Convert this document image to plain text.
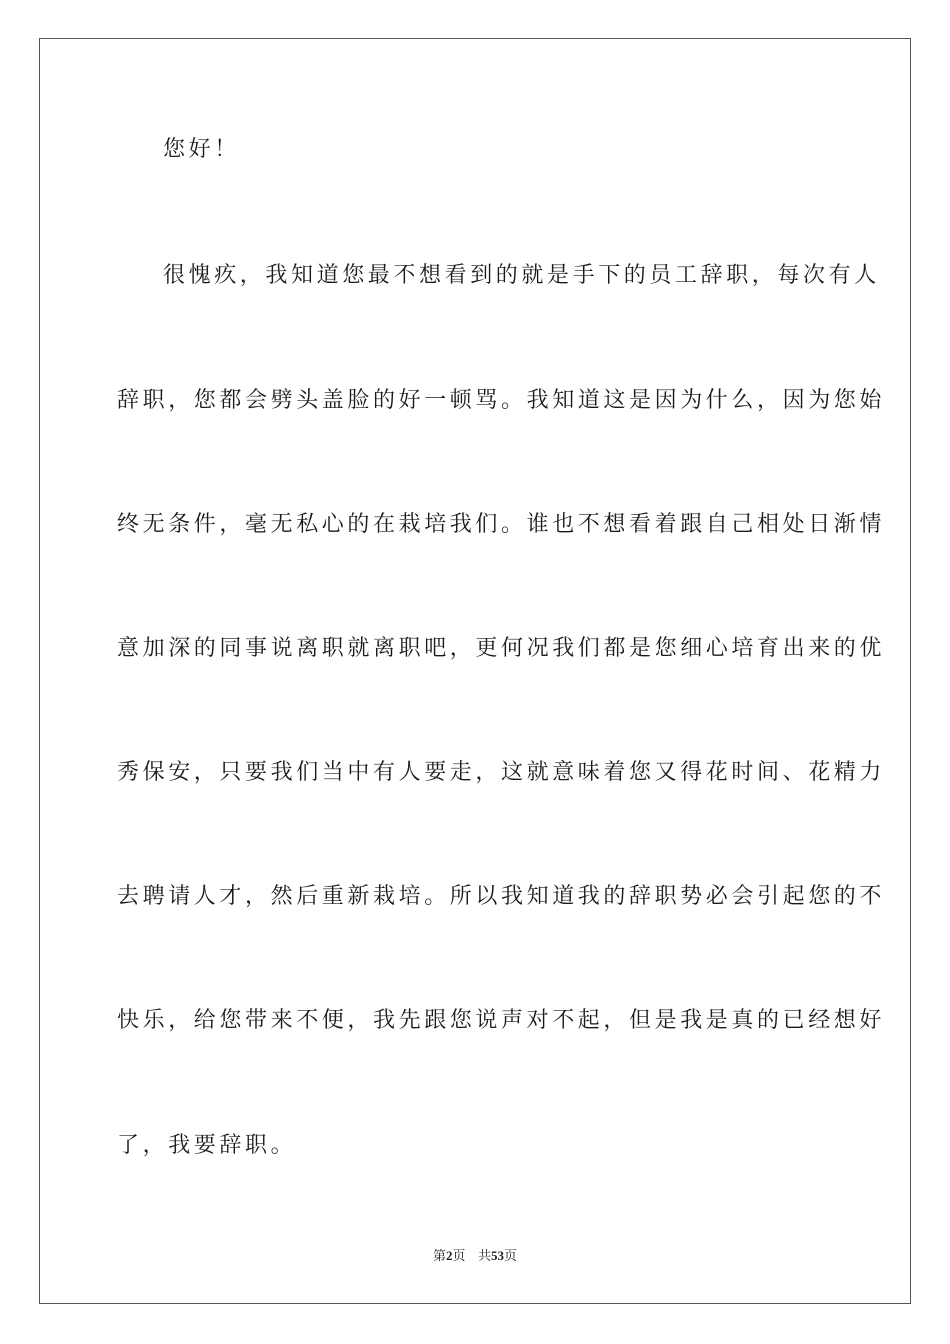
您好！
很愧疚，我知道您最不想看到的就是手下的员工辞职，每次有人
辞职，您都会劈头盖脸的好一顿骂。我知道这是因为什么，因为您始
终无条件，毫无私心的在栽培我们。谁也不想看着跟自己相处日渐情
意加深的同事说离职就离职吧，更何况我们都是您细心培育出来的优
秀保安，只要我们当中有人要走，这就意味着您又得花时间、花精力
去聘请人才，然后重新栽培。所以我知道我的辞职势必会引起您的不
快乐，给您带来不便，我先跟您说声对不起，但是我是真的已经想好
了，我要辞职。
第2页 共53页
